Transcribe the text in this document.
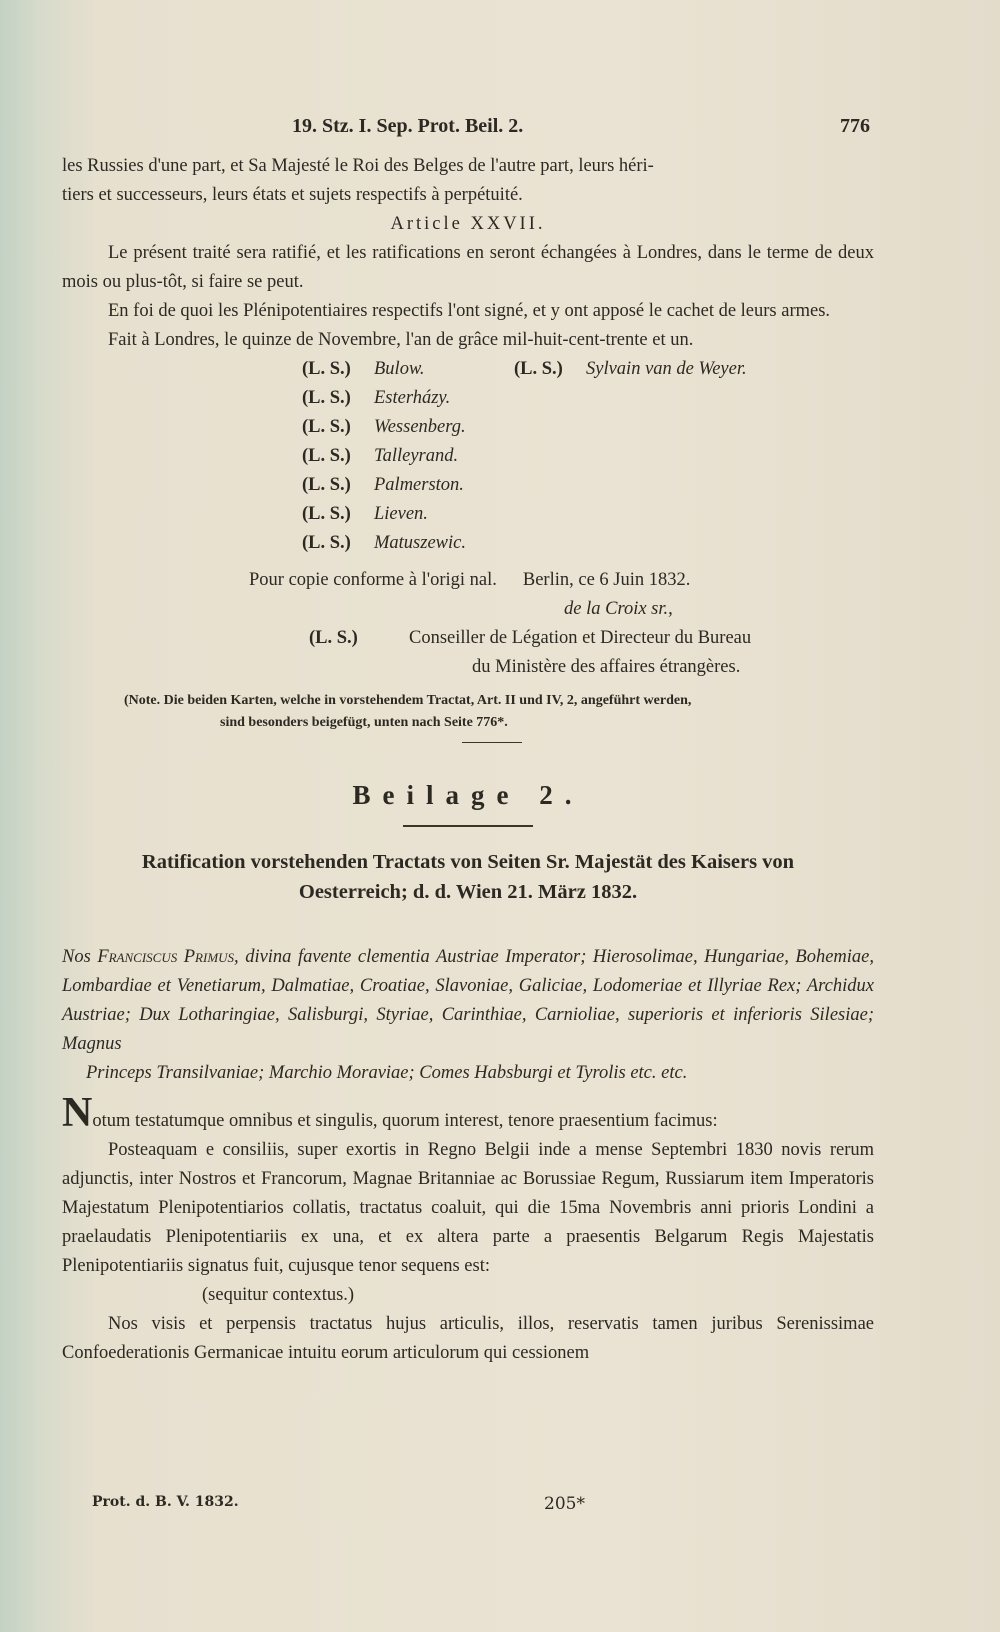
19. Stz. I. Sep. Prot. Beil. 2.	776

les Russies d'une part, et Sa Majesté le Roi des Belges de l'autre part, leurs héri-

tiers et successeurs, leurs états et sujets respectifs à perpétuité.

Article XXVII.

Le présent traité sera ratifié, et les ratifications en seront échangées à Londres, dans le terme de deux mois ou plus-tôt, si faire se peut.

En foi de quoi les Plénipotentiaires respectifs l'ont signé, et y ont apposé le cachet de leurs armes.

Fait à Londres, le quinze de Novembre, l'an de grâce mil-huit-cent-trente et un.

(L. S.)	Bulow.	(L. S.)	Sylvain van de Weyer.
(L. S.)	Esterházy.
(L. S.)	Wessenberg.
(L. S.)	Talleyrand.
(L. S.)	Palmerston.
(L. S.)	Lieven.
(L. S.)	Matuszewic.

Pour copie conforme à l'origi nal. Berlin, ce 6 Juin 1832.

de la Croix sr.,

(L. S.)	Conseiller de Légation et Directeur du Bureau

du Ministère des affaires étrangères.

(Note. Die beiden Karten, welche in vorstehendem Tractat, Art. II und IV, 2, angeführt werden,
sind besonders beigefügt, unten nach Seite 776*.
Beilage 2.

Ratification vorstehenden Tractats von Seiten Sr. Majestät des Kaisers von

Oesterreich; d. d. Wien 21. März 1832.

Nos Franciscus Primus, divina favente clementia Austriae Imperator; Hierosolimae, Hungariae, Bohemiae, Lombardiae et Venetiarum, Dalmatiae, Croatiae, Slavoniae, Galiciae, Lodomeriae et Illyriae Rex; Archidux Austriae; Dux Lotharingiae, Salisburgi, Styriae, Carinthiae, Carnioliae, superioris et inferioris Silesiae; Magnus

Princeps Transilvaniae; Marchio Moraviae; Comes Habsburgi et Tyrolis etc. etc.

Notum testatumque omnibus et singulis, quorum interest, tenore praesentium facimus:

Posteaquam e consiliis, super exortis in Regno Belgii inde a mense Septembri 1830 novis rerum adjunctis, inter Nostros et Francorum, Magnae Britanniae ac Borussiae Regum, Russiarum item Imperatoris Majestatum Plenipotentiarios collatis, tractatus coaluit, qui die 15ma Novembris anni prioris Londini a praelaudatis Plenipotentiariis ex una, et ex altera parte a praesentis Belgarum Regis Majestatis Plenipotentiariis signatus fuit, cujusque tenor sequens est:

(sequitur contextus.)

Nos visis et perpensis tractatus hujus articulis, illos, reservatis tamen juribus Serenissimae Confoederationis Germanicae intuitu eorum articulorum qui cessionem

Prot. d. B. V. 1832.	205*
